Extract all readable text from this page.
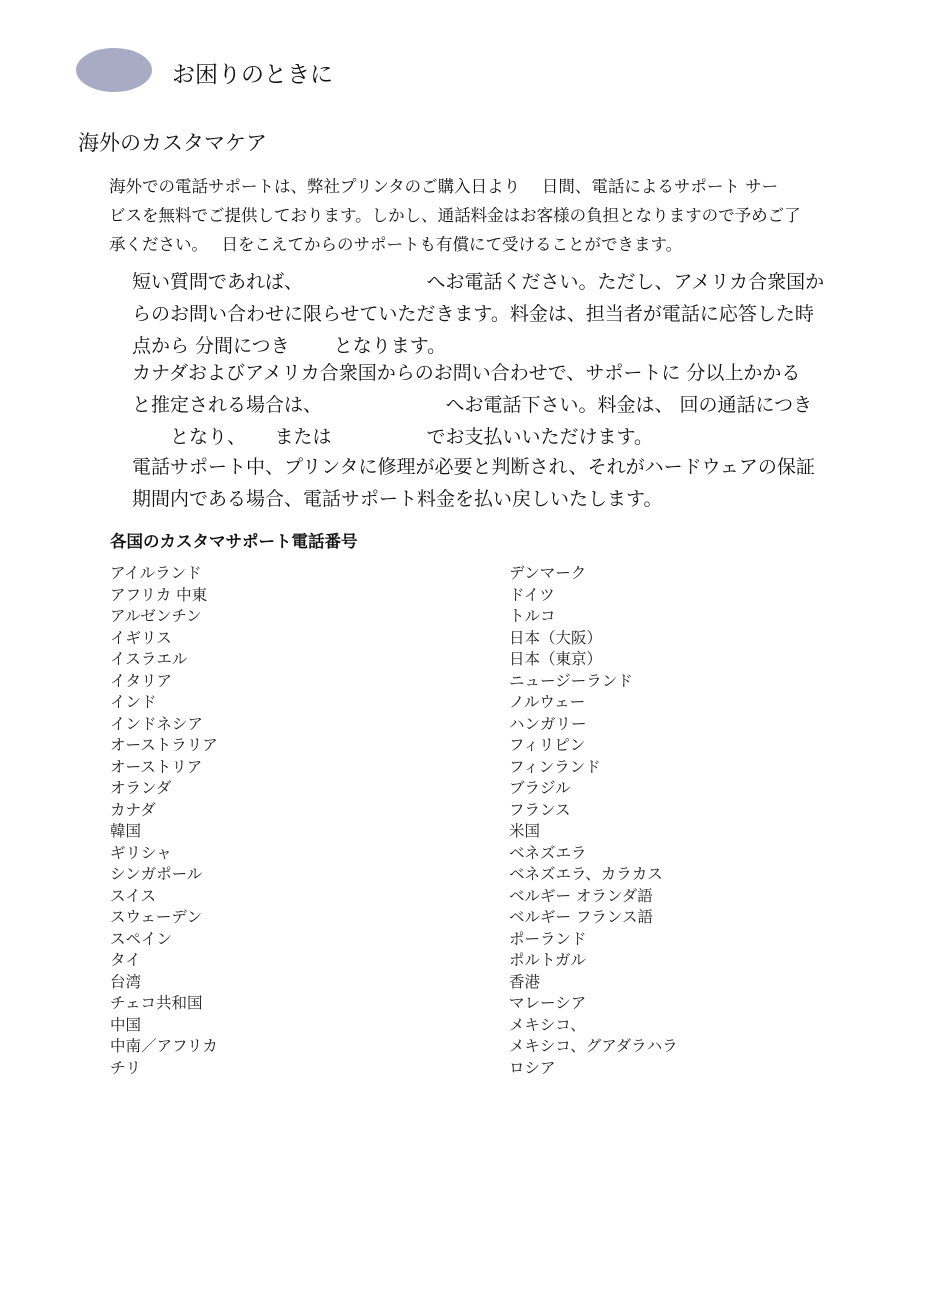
お困りのときに
海外のカスタマケア

海外での電話サポートは、弊社プリンタのご購入日より　 日間、電話によるサポート サー
ビスを無料でご提供しております。しかし、通話料金はお客様の負担となりますので予めご了
承ください。　 日をこえてからのサポートも有償にて受けることができます。

短い質問であれば、　　　　　　　へお電話ください。ただし、アメリカ合衆国か
らのお問い合わせに限らせていただきます。料金は、担当者が電話に応答した時
点から 分間につき　　 となります。
カナダおよびアメリカ合衆国からのお問い合わせで、サポートに 分以上かかる
と推定される場合は、　　　　　　　へお電話下さい。料金は、 回の通話につき
　　となり、　　または　　　　　でお支払いいただけます。
電話サポート中、プリンタに修理が必要と判断され、それがハードウェアの保証
期間内である場合、電話サポート料金を払い戻しいたします。
各国のカスタマサポート電話番号
アイルランド
アフリカ 中東
アルゼンチン
イギリス
イスラエル
イタリア
インド
インドネシア
オーストラリア
オーストリア
オランダ
カナダ
韓国
ギリシャ
シンガポール
スイス
スウェーデン
スペイン
タイ
台湾
チェコ共和国
中国
中南／アフリカ
チリ
デンマーク
ドイツ
トルコ
日本（大阪）
日本（東京）
ニュージーランド
ノルウェー
ハンガリー
フィリピン
フィンランド
ブラジル
フランス
米国
ベネズエラ
ベネズエラ、カラカス
ベルギー オランダ語
ベルギー フランス語
ポーランド
ポルトガル
香港
マレーシア
メキシコ、
メキシコ、グアダラハラ
ロシア
